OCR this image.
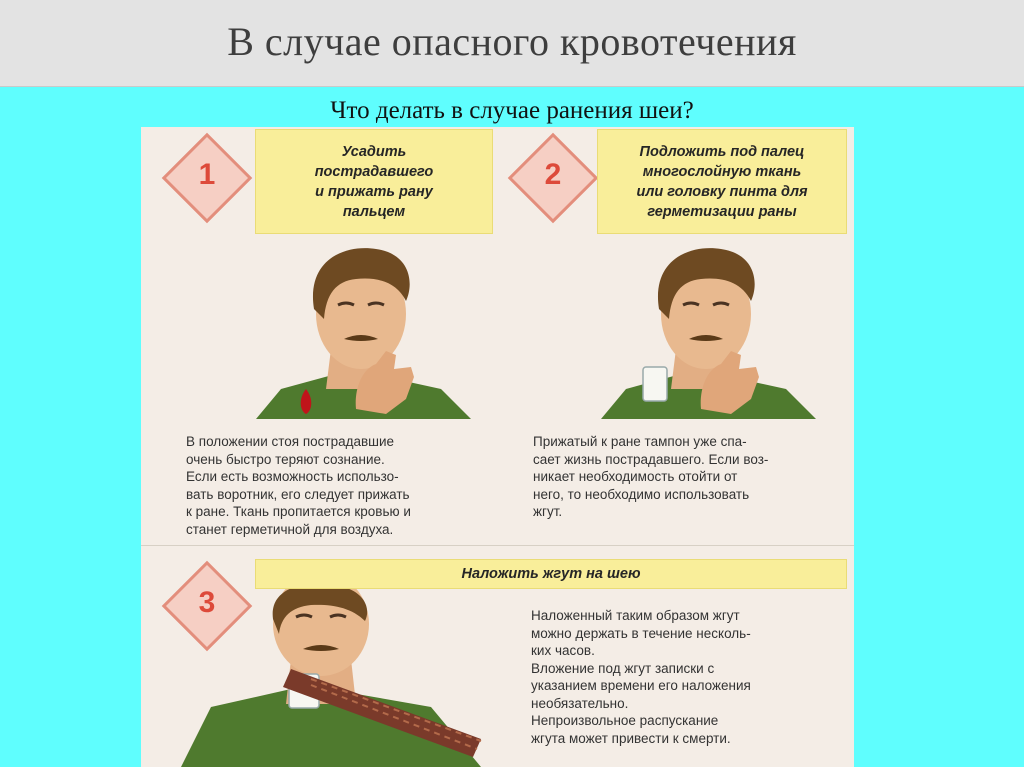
В случае опасного кровотечения
Что делать в случае ранения шеи?
1
Усадить
пострадавшего
и прижать рану
пальцем
В положении стоя пострадавшие
очень быстро теряют сознание.
Если есть возможность использо-
вать воротник, его следует прижать
к ране. Ткань пропитается кровью и
станет герметичной для воздуха.
2
Подложить под палец
многослойную ткань
или головку пинта для
герметизации раны
Прижатый к ране тампон уже спа-
сает жизнь пострадавшего. Если воз-
никает необходимость отойти от
него, то необходимо использовать
жгут.
3
Наложить жгут на шею
Наложенный таким образом жгут
можно держать в течение несколь-
ких часов.
Вложение под жгут записки с
указанием времени его наложения
необязательно.
Непроизвольное распускание
жгута может привести к смерти.
